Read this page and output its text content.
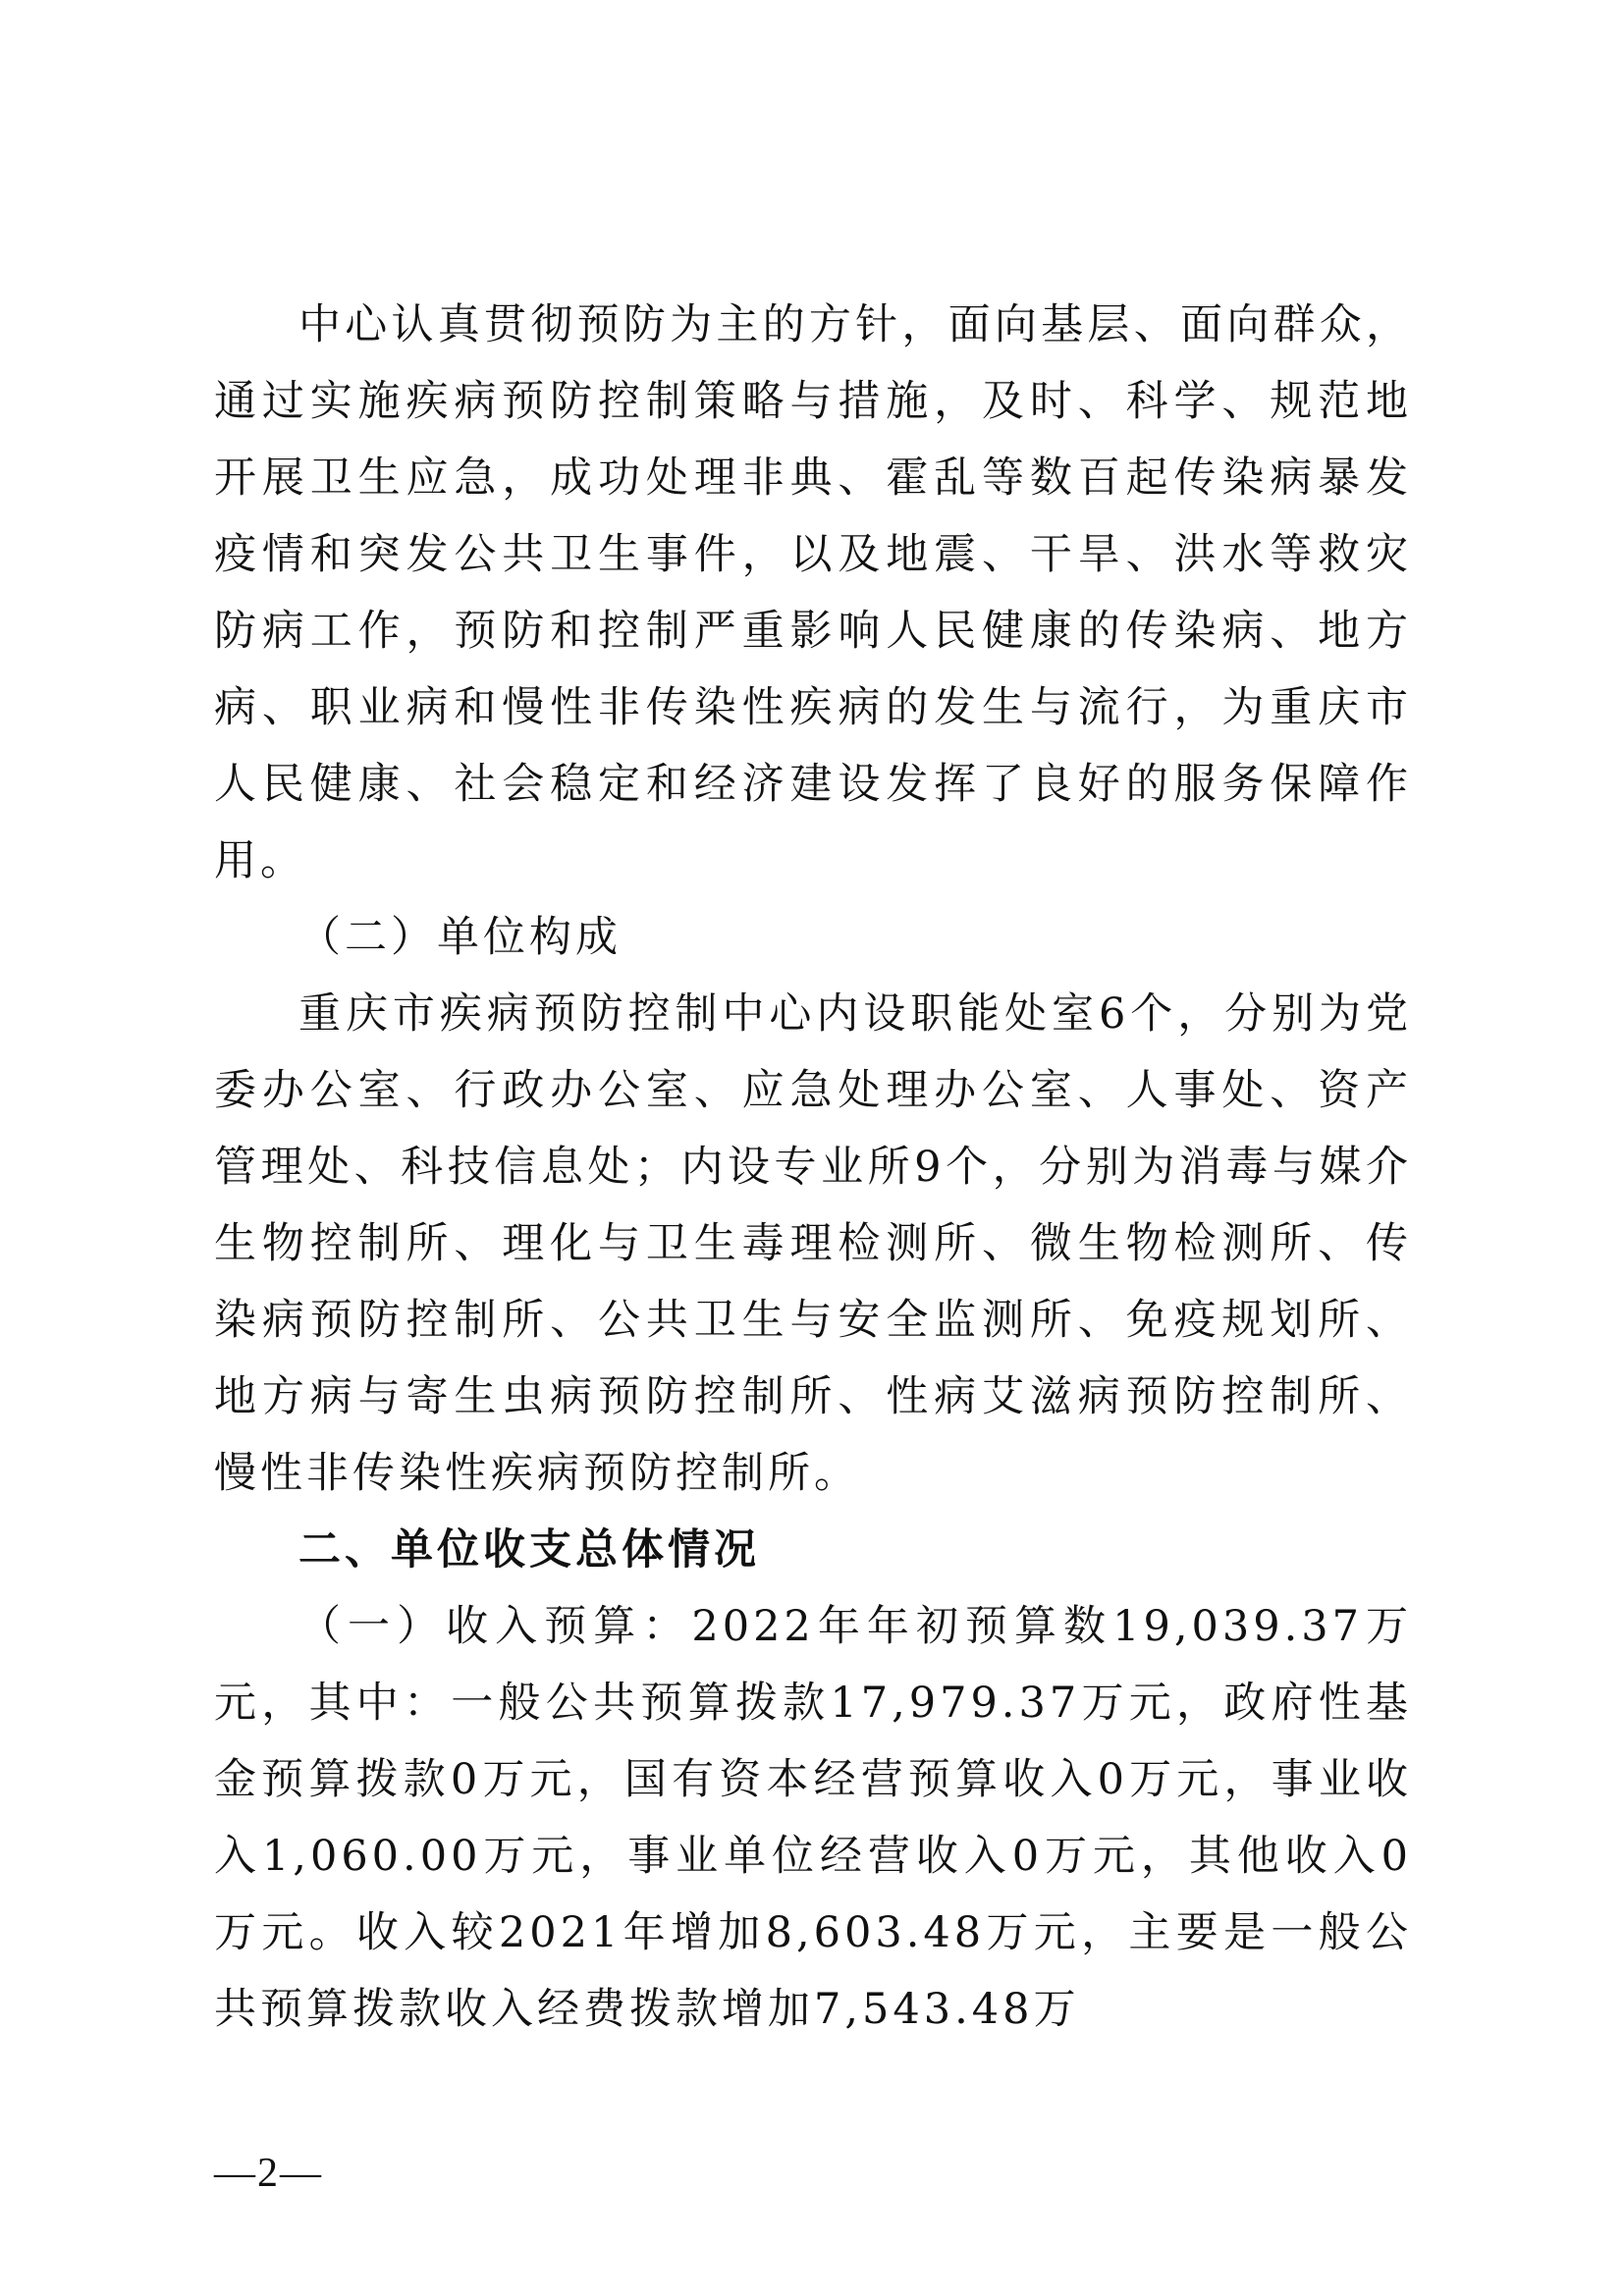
中心认真贯彻预防为主的方针，面向基层、面向群众，通过实施疾病预防控制策略与措施，及时、科学、规范地开展卫生应急，成功处理非典、霍乱等数百起传染病暴发疫情和突发公共卫生事件，以及地震、干旱、洪水等救灾防病工作，预防和控制严重影响人民健康的传染病、地方病、职业病和慢性非传染性疾病的发生与流行，为重庆市人民健康、社会稳定和经济建设发挥了良好的服务保障作用。

（二）单位构成

重庆市疾病预防控制中心内设职能处室6个，分别为党委办公室、行政办公室、应急处理办公室、人事处、资产管理处、科技信息处；内设专业所9个，分别为消毒与媒介生物控制所、理化与卫生毒理检测所、微生物检测所、传染病预防控制所、公共卫生与安全监测所、免疫规划所、地方病与寄生虫病预防控制所、性病艾滋病预防控制所、慢性非传染性疾病预防控制所。

二、单位收支总体情况

（一）收入预算：2022年年初预算数19,039.37万元，其中：一般公共预算拨款17,979.37万元，政府性基金预算拨款0万元，国有资本经营预算收入0万元，事业收入1,060.00万元，事业单位经营收入0万元，其他收入0万元。收入较2021年增加8,603.48万元，主要是一般公共预算拨款收入经费拨款增加7,543.48万

—2—
